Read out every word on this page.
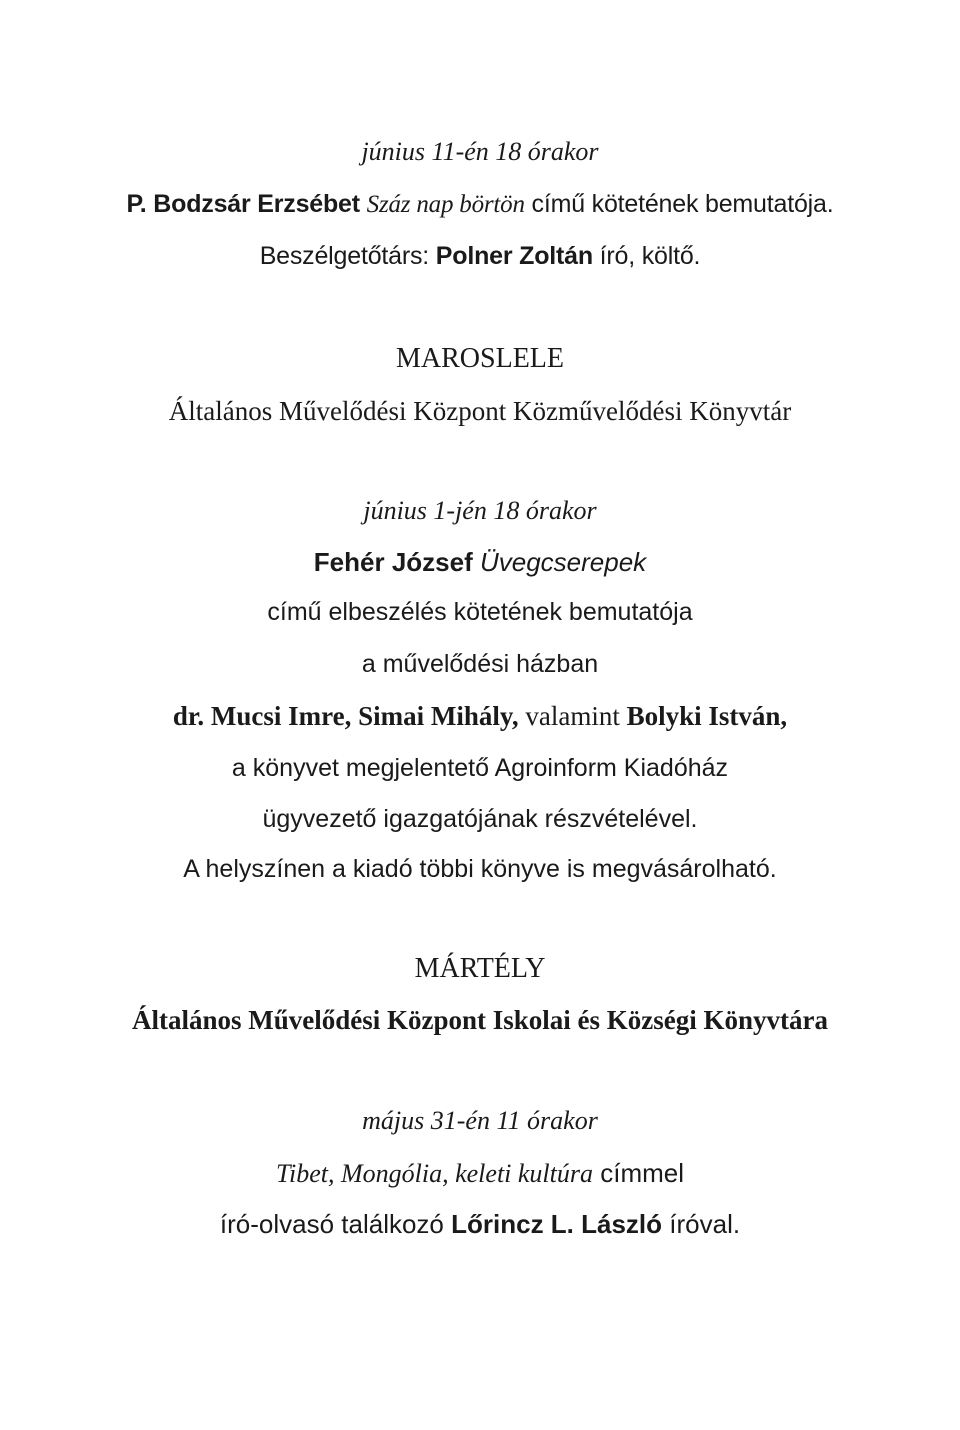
június 11-én 18 órakor
P. Bodzsár Erzsébet Száz nap börtön című kötetének bemutatója.
Beszélgetőtárs: Polner Zoltán író, költő.
MAROSLELE
Általános Művelődési Központ Közművelődési Könyvtár
június 1-jén 18 órakor
Fehér József Üvegcserepek
című elbeszélés kötetének bemutatója
a művelődési házban
dr. Mucsi Imre, Simai Mihály, valamint Bolyki István,
a könyvet megjelentető Agroinform Kiadóház
ügyvezető igazgatójának részvételével.
A helyszínen a kiadó többi könyve is megvásárolható.
MÁRTÉLY
Általános Művelődési Központ Iskolai és Községi Könyvtára
május 31-én 11 órakor
Tibet, Mongólia, keleti kultúra címmel
író-olvasó találkozó Lőrincz L. László íróval.
